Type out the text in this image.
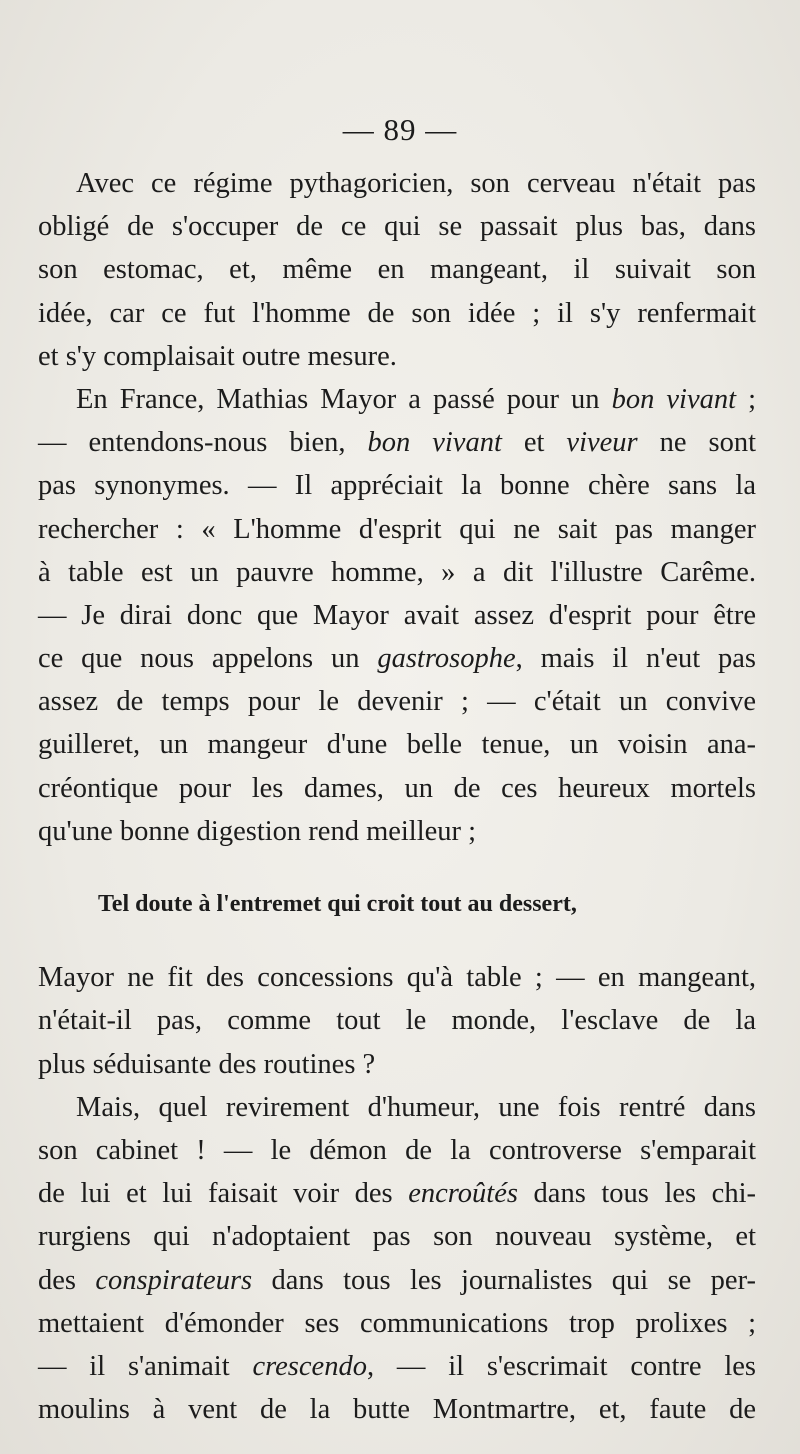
— 89 —
Avec ce régime pythagoricien, son cerveau n'était pas
obligé de s'occuper de ce qui se passait plus bas, dans
son estomac, et, même en mangeant, il suivait son
idée, car ce fut l'homme de son idée ; il s'y renfermait
et s'y complaisait outre mesure.
En France, Mathias Mayor a passé pour un bon vivant ;
— entendons-nous bien, bon vivant et viveur ne sont
pas synonymes. — Il appréciait la bonne chère sans la
rechercher : « L'homme d'esprit qui ne sait pas manger
à table est un pauvre homme, » a dit l'illustre Carême.
— Je dirai donc que Mayor avait assez d'esprit pour être
ce que nous appelons un gastrosophe, mais il n'eut pas
assez de temps pour le devenir ; — c'était un convive
guilleret, un mangeur d'une belle tenue, un voisin ana-
créontique pour les dames, un de ces heureux mortels
qu'une bonne digestion rend meilleur ;
Tel doute à l'entremet qui croit tout au dessert,
Mayor ne fit des concessions qu'à table ; — en mangeant,
n'était-il pas, comme tout le monde, l'esclave de la
plus séduisante des routines ?
Mais, quel revirement d'humeur, une fois rentré dans
son cabinet ! — le démon de la controverse s'emparait
de lui et lui faisait voir des encroûtés dans tous les chi-
rurgiens qui n'adoptaient pas son nouveau système, et
des conspirateurs dans tous les journalistes qui se per-
mettaient d'émonder ses communications trop prolixes ;
— il s'animait crescendo, — il s'escrimait contre les
moulins à vent de la butte Montmartre, et, faute de
